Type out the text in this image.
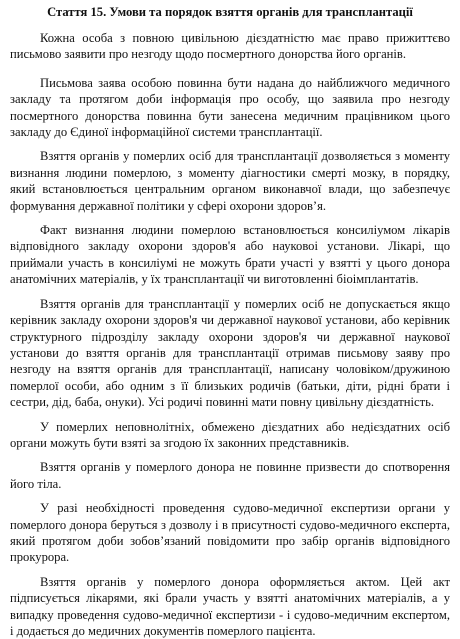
Стаття 15. Умови та порядок взяття органів для трансплантації

Кожна особа з повною цивільною дієздатністю має право прижиттєво письмово заявити про незгоду щодо посмертного донорства його органів.

Письмова заява особою повинна бути надана до найближчого медичного закладу та протягом доби інформація про особу, що заявила про незгоду посмертного донорства повинна бути занесена медичним працівником цього закладу до Єдиної інформаційної системи трансплантації.

Взяття органів у померлих осіб для трансплантації дозволяється з моменту визнання людини померлою, з моменту діагностики смерті мозку, в порядку, який встановлюється центральним органом виконавчої влади, що забезпечує формування державної політики у сфері охорони здоров’я.

Факт визнання людини померлою встановлюється консиліумом лікарів відповідного закладу охорони здоров'я або науковоі установи. Лікарі, що приймали участь в консиліумі не можуть брати участі у взятті у цього донора анатомічних матеріалів, у їх трансплантації чи виготовленні біоімплантатів.

Взяття органів для трансплантації у померлих осіб не допускається якщо керівник закладу охорони здоров'я чи державної наукової установи, або керівник структурного підрозділу закладу охорони здоров'я чи державної наукової установи до взяття органів для трансплантації отримав письмову заяву про незгоду на взяття органів для трансплантації, написану чоловіком/дружиною померлої особи, або одним з її близьких родичів (батьки, діти, рідні брати і сестри, дід, баба, онуки). Усі родичі повинні мати повну цивільну дієздатність.

У померлих неповнолітніх, обмежено дієздатних або недієздатних осіб органи можуть бути взяті за згодою їх законних представників.

Взяття органів у померлого донора не повинне призвести до спотворення його тіла.

У разі необхідності проведення судово-медичної експертизи органи у померлого донора беруться з дозволу і в присутності судово-медичного експерта, який протягом доби зобов’язаний повідомити про забір органів відповідного прокурора.

Взяття органів у померлого донора оформляється актом. Цей акт підписується лікарями, які брали участь у взятті анатомічних матеріалів, а у випадку проведення судово-медичної експертизи - і судово-медичним експертом, і додається до медичних документів померлого пацієнта.
